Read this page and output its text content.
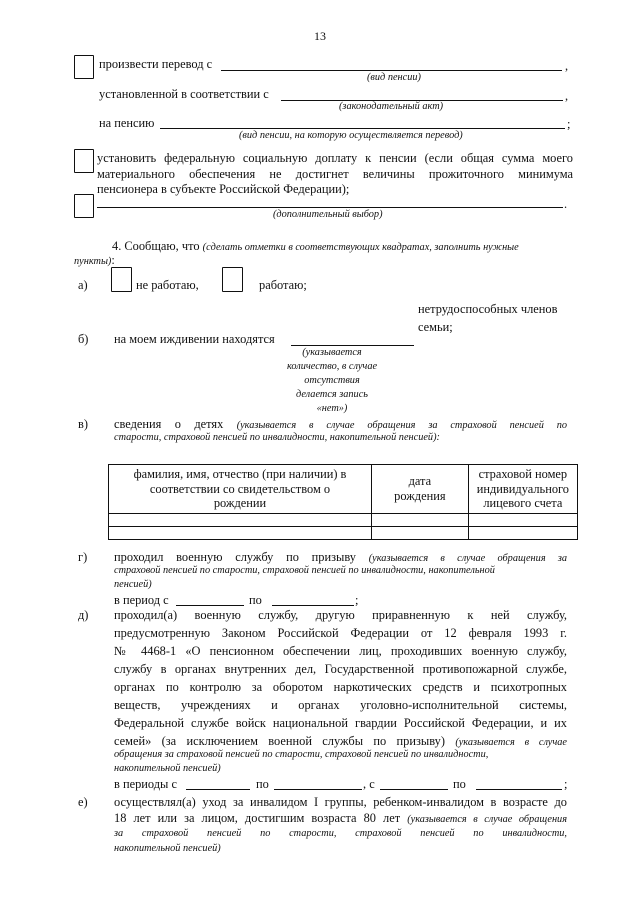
13
произвести перевод с	,
(вид пенсии)
установленной в соответствии с	,
(законодательный акт)
на пенсию	;
(вид пенсии, на которую осуществляется перевод)
установить федеральную социальную доплату к пенсии (если общая сумма моего
материального обеспечения не достигнет величины прожиточного минимума
пенсионера в субъекте Российской Федерации);
.
(дополнительный выбор)
4. Сообщаю, что (сделать отметки в соответствующих квадратах, заполнить нужные
пункты):
а)	не работаю,	работаю;
нетрудоспособных членов
семьи;
б) на моем иждивении находятся
(указывается
количество, в случае
отсутствия
делается запись
«нет»)
в) сведения о детях (указывается в случае обращения за страховой пенсией по
старости, страховой пенсией по инвалидности, накопительной пенсией):
фамилия, имя, отчество (при наличии) в соответствии со свидетельством о рождении	дата рождения	страховой номер индивидуального лицевого счета

г) проходил военную службу по призыву (указывается в случае обращения за
страховой пенсией по старости, страховой пенсией по инвалидности, накопительной
пенсией)
в период с	по	;
д) проходил(а) военную службу, другую приравненную к ней службу,
предусмотренную Законом Российской Федерации от 12 февраля 1993 г.
№ 4468-1 «О пенсионном обеспечении лиц, проходивших военную службу,
службу в органах внутренних дел, Государственной противопожарной службе,
органах по контролю за оборотом наркотических средств и психотропных
веществ, учреждениях и органах уголовно-исполнительной системы,
Федеральной службе войск национальной гвардии Российской Федерации, и их
семей» (за исключением военной службы по призыву) (указывается в случае
обращения за страховой пенсией по старости, страховой пенсией по инвалидности,
накопительной пенсией)
в периоды с	по	, с	по	;
е) осуществлял(а) уход за инвалидом I группы, ребенком-инвалидом в возрасте до
18 лет или за лицом, достигшим возраста 80 лет (указывается в случае обращения
за страховой пенсией по старости, страховой пенсией по инвалидности,
накопительной пенсией)
